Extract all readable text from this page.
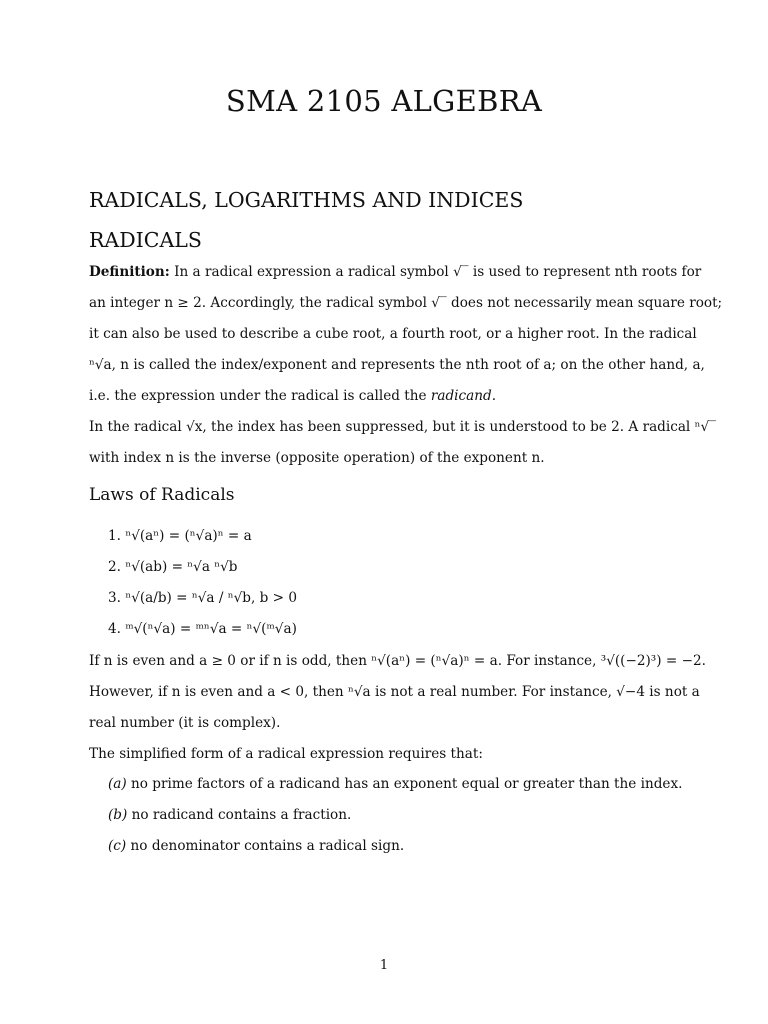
SMA 2105 ALGEBRA
RADICALS, LOGARITHMS AND INDICES
RADICALS
Definition: In a radical expression a radical symbol √‾ is used to represent nth roots for
an integer n ≥ 2. Accordingly, the radical symbol √‾ does not necessarily mean square root;
it can also be used to describe a cube root, a fourth root, or a higher root. In the radical
ⁿ√a, n is called the index/exponent and represents the nth root of a; on the other hand, a,
i.e. the expression under the radical is called the radicand.
In the radical √x, the index has been suppressed, but it is understood to be 2. A radical ⁿ√‾
with index n is the inverse (opposite operation) of the exponent n.
Laws of Radicals
1. ⁿ√(aⁿ) = (ⁿ√a)ⁿ = a
2. ⁿ√(ab) = ⁿ√a ⁿ√b
3. ⁿ√(a/b) = ⁿ√a / ⁿ√b, b > 0
4. ᵐ√(ⁿ√a) = ᵐⁿ√a = ⁿ√(ᵐ√a)
If n is even and a ≥ 0 or if n is odd, then ⁿ√(aⁿ) = (ⁿ√a)ⁿ = a. For instance, ³√((−2)³) = −2.
However, if n is even and a < 0, then ⁿ√a is not a real number. For instance, √−4 is not a
real number (it is complex).
The simplified form of a radical expression requires that:
(a) no prime factors of a radicand has an exponent equal or greater than the index.
(b) no radicand contains a fraction.
(c) no denominator contains a radical sign.
1
